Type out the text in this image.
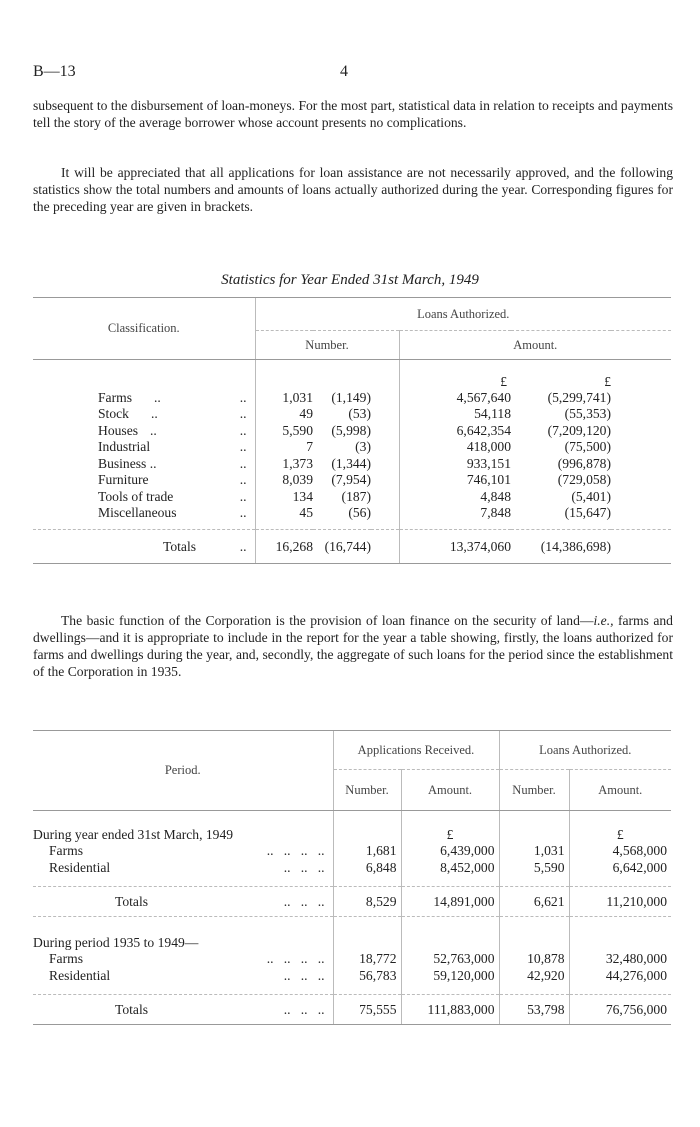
B—13	4

subsequent to the disbursement of loan-moneys. For the most part, statistical data in relation to receipts and payments tell the story of the average borrower whose account presents no complications.

It will be appreciated that all applications for loan assistance are not necessarily approved, and the following statistics show the total numbers and amounts of loans actually authorized during the year. Corresponding figures for the preceding year are given in brackets.

Statistics for Year Ended 31st March, 1949
Classification.	Loans Authorized.					
	Number.			Amount.		
				£	£	
Farms .. ..	1,031	(1,149)		4,567,640	(5,299,741)	
Stock .. ..	49	(53)		54,118	(55,353)	
Houses .. ..	5,590	(5,998)		6,642,354	(7,209,120)	
Industrial ..	7	(3)		418,000	(75,500)	
Business .. ..	1,373	(1,344)		933,151	(996,878)	
Furniture ..	8,039	(7,954)		746,101	(729,058)	
Tools of trade ..	134	(187)		4,848	(5,401)	
Miscellaneous ..	45	(56)		7,848	(15,647)	

Totals ..	16,268	(16,744)		13,374,060	(14,386,698)	

The basic function of the Corporation is the provision of loan finance on the security of land—i.e., farms and dwellings—and it is appropriate to include in the report for the year a table showing, firstly, the loans authorized for farms and dwellings during the year, and, secondly, the aggregate of such loans for the period since the establishment of the Corporation in 1935.

Period.	Applications Received.		Loans Authorized.	
	Number.	Amount.	Number.	Amount.
During year ended 31st March, 1949		£		£
Farms ..   ..   ..   ..	1,681	6,439,000	1,031	4,568,000
Residential ..   ..   ..	6,848	8,452,000	5,590	6,642,000

Totals ..   ..   ..	8,529	14,891,000	6,621	11,210,000
During period 1935 to 1949—				
Farms ..   ..   ..   ..	18,772	52,763,000	10,878	32,480,000
Residential ..   ..   ..	56,783	59,120,000	42,920	44,276,000

Totals ..   ..   ..	75,555	111,883,000	53,798	76,756,000
